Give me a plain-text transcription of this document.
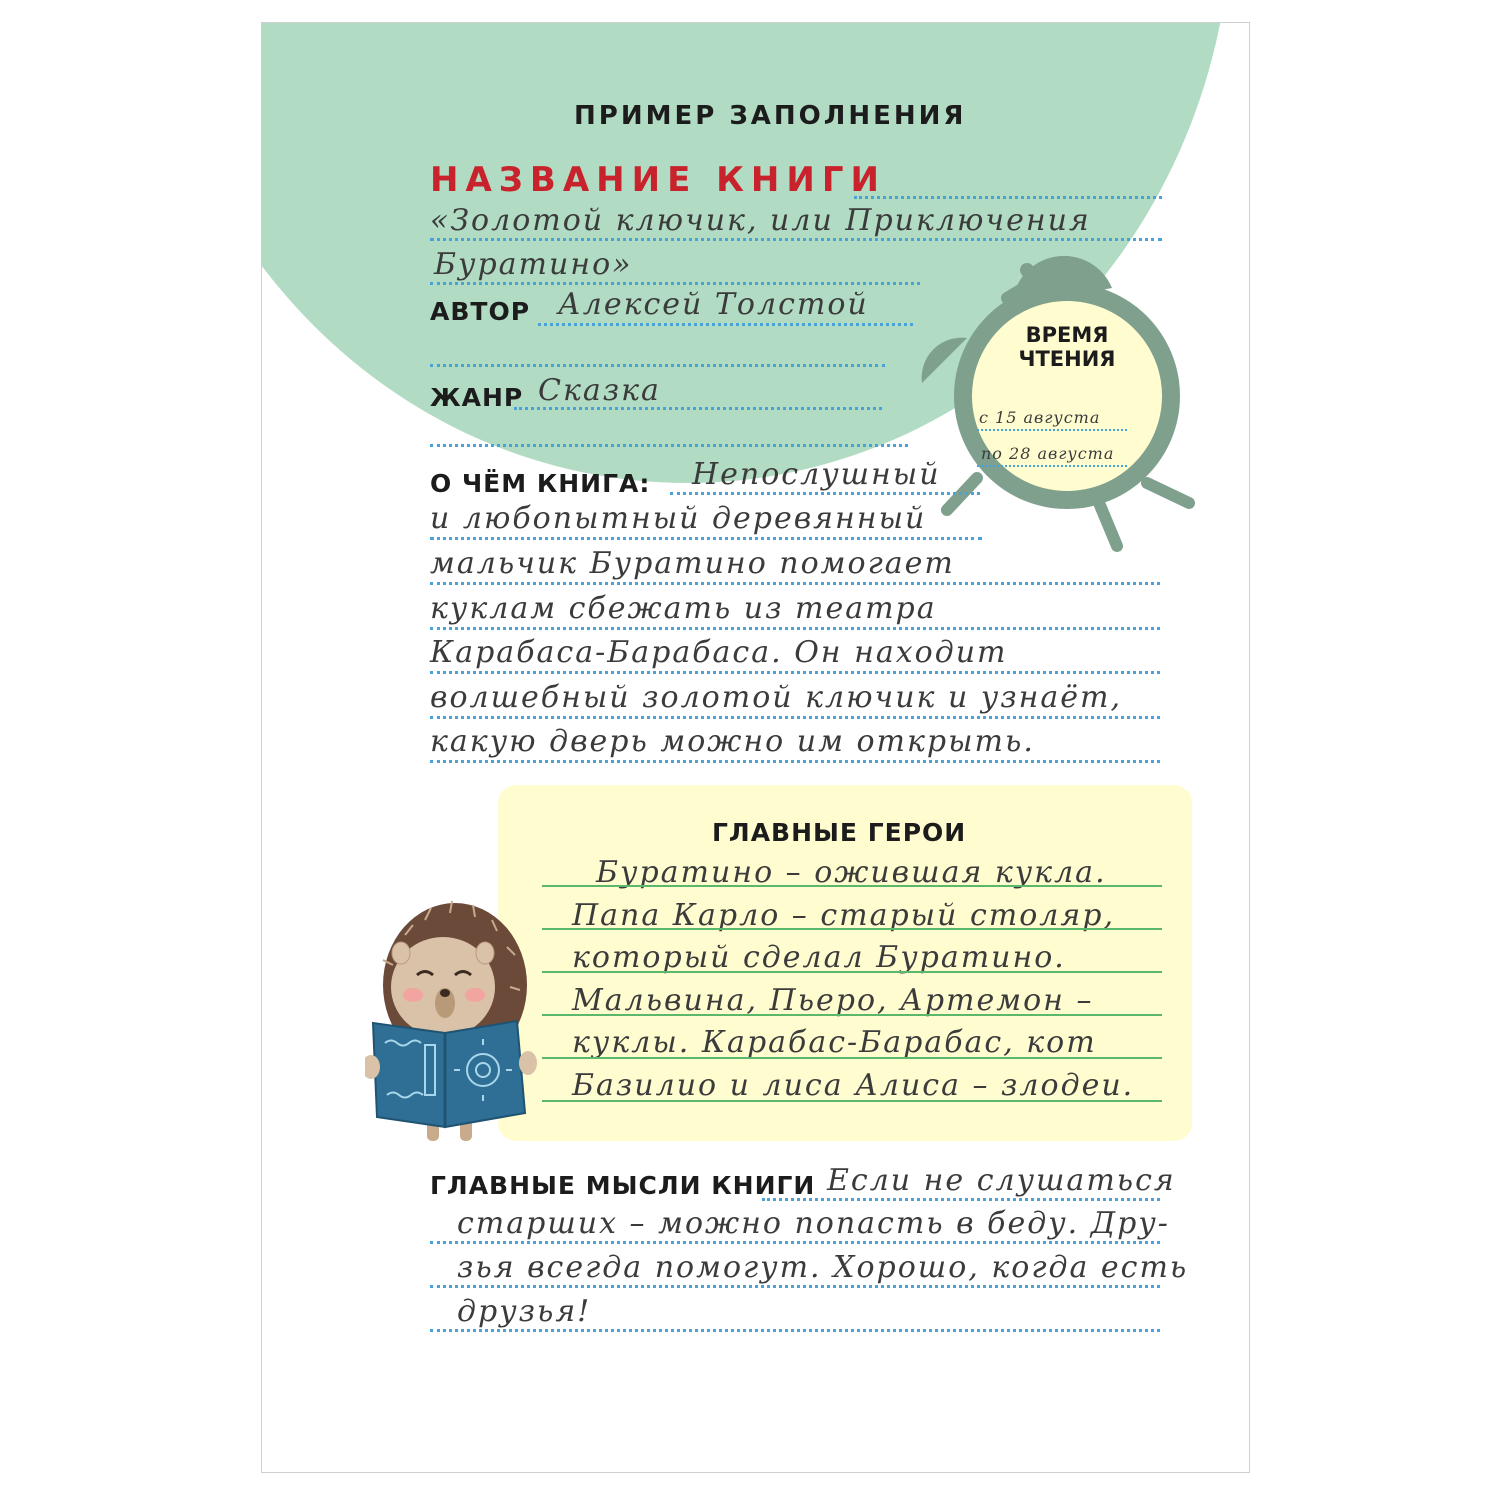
ПРИМЕР ЗАПОЛНЕНИЯ

НАЗВАНИЕ КНИГИ

«Золотой ключик, или Приключения

Буратино»

АВТОР Алексей Толстой

ЖАНР Сказка

ВРЕМЯ
ЧТЕНИЯ
с 15 августа
по 28 августа

О ЧЁМ КНИГА: Непослушный

и любопытный деревянный

мальчик Буратино помогает

куклам сбежать из театра

Карабаса-Барабаса. Он находит

волшебный золотой ключик и узнаёт,

какую дверь можно им открыть.

ГЛАВНЫЕ ГЕРОИ

Буратино – ожившая кукла.

Папа Карло – старый столяр,

который сделал Буратино.

Мальвина, Пьеро, Артемон –

куклы. Карабас-Барабас, кот

Базилио и лиса Алиса – злодеи.

ГЛАВНЫЕ МЫСЛИ КНИГИ Если не слушаться

старших – можно попасть в беду. Дру-

зья всегда помогут. Хорошо, когда есть

друзья!
